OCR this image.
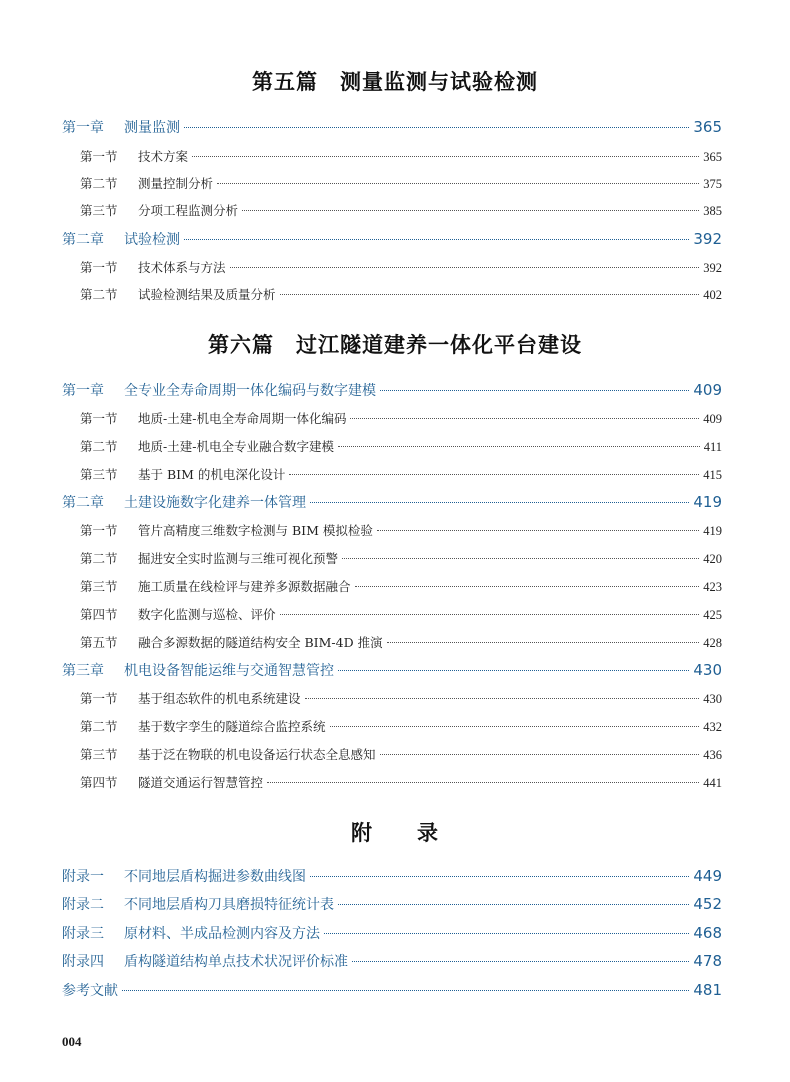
第五篇　测量监测与试验检测
第一章	测量监测	365
第一节	技术方案	365
第二节	测量控制分析	375
第三节	分项工程监测分析	385
第二章	试验检测	392
第一节	技术体系与方法	392
第二节	试验检测结果及质量分析	402
第六篇　过江隧道建养一体化平台建设
第一章	全专业全寿命周期一体化编码与数字建模	409
第一节	地质-土建-机电全寿命周期一体化编码	409
第二节	地质-土建-机电全专业融合数字建模	411
第三节	基于 BIM 的机电深化设计	415
第二章	土建设施数字化建养一体管理	419
第一节	管片高精度三维数字检测与 BIM 模拟检验	419
第二节	掘进安全实时监测与三维可视化预警	420
第三节	施工质量在线检评与建养多源数据融合	423
第四节	数字化监测与巡检、评价	425
第五节	融合多源数据的隧道结构安全 BIM-4D 推演	428
第三章	机电设备智能运维与交通智慧管控	430
第一节	基于组态软件的机电系统建设	430
第二节	基于数字孪生的隧道综合监控系统	432
第三节	基于泛在物联的机电设备运行状态全息感知	436
第四节	隧道交通运行智慧管控	441
附　　录
附录一	不同地层盾构掘进参数曲线图	449
附录二	不同地层盾构刀具磨损特征统计表	452
附录三	原材料、半成品检测内容及方法	468
附录四	盾构隧道结构单点技术状况评价标准	478
参考文献	481
004
